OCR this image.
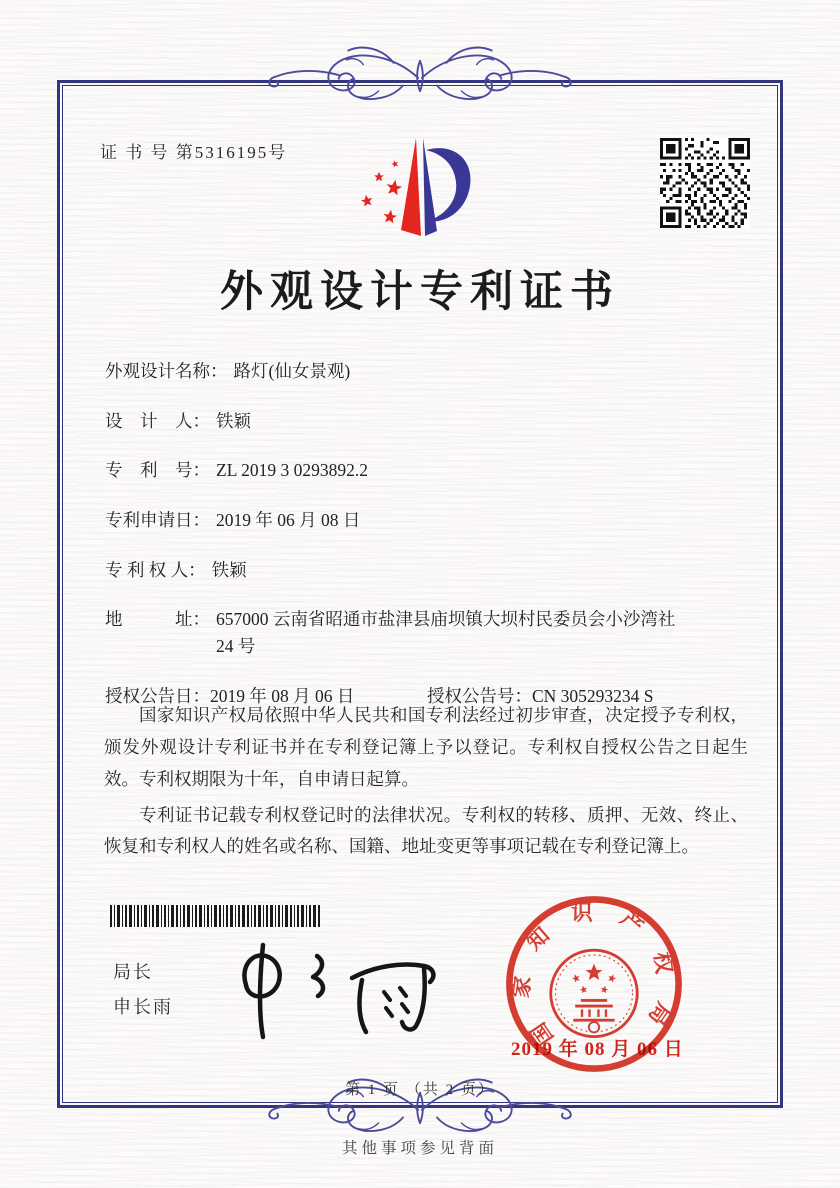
证 书 号 第5316195号
外观设计专利证书
外观设计名称： 路灯(仙女景观)
设　计　人： 铁颖
专　利　号： ZL 2019 3 0293892.2
专利申请日： 2019 年 06 月 08 日
专 利 权 人： 铁颖
地　　　址： 657000 云南省昭通市盐津县庙坝镇大坝村民委员会小沙湾社 24 号
授权公告日：2019 年 08 月 06 日	授权公告号：CN 305293234 S

国家知识产权局依照中华人民共和国专利法经过初步审查，决定授予专利权，颁发外观设计专利证书并在专利登记簿上予以登记。专利权自授权公告之日起生效。专利权期限为十年，自申请日起算。

专利证书记载专利权登记时的法律状况。专利权的转移、质押、无效、终止、恢复和专利权人的姓名或名称、国籍、地址变更等事项记载在专利登记簿上。

局长
申长雨	国家知识产权局
2019 年 08 月 06 日
第 1 页 （共 2 页）
其他事项参见背面
